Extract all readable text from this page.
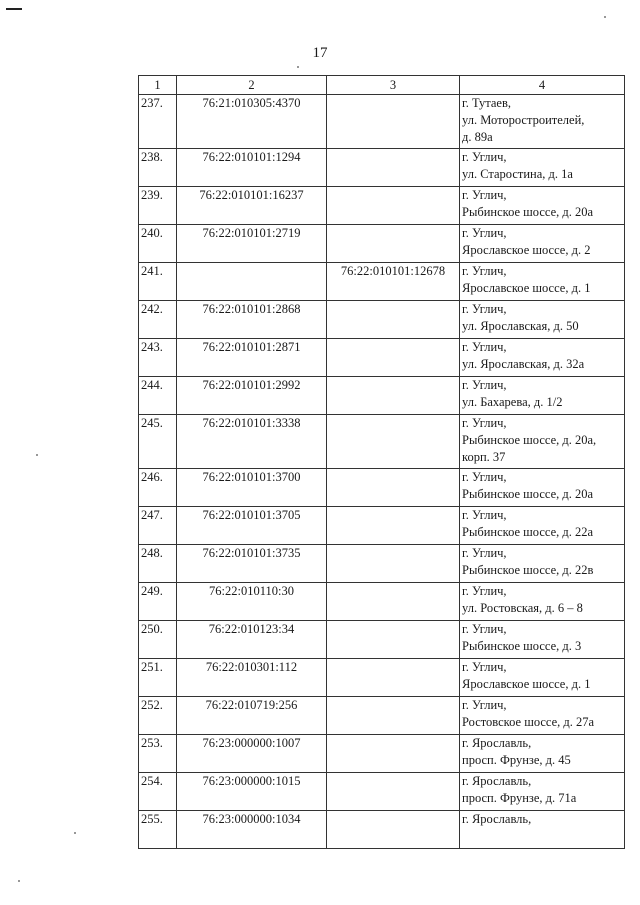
17
1	2	3	4
237.	76:21:010305:4370		г. Тутаев,
ул. Моторостроителей,
д. 89а

238.	76:22:010101:1294		г. Углич,
ул. Старостина, д. 1а

239.	76:22:010101:16237		г. Углич,
Рыбинское шоссе, д. 20а

240.	76:22:010101:2719		г. Углич,
Ярославское шоссе, д. 2

241.		76:22:010101:12678	г. Углич,
Ярославское шоссе, д. 1

242.	76:22:010101:2868		г. Углич,
ул. Ярославская, д. 50

243.	76:22:010101:2871		г. Углич,
ул. Ярославская, д. 32а

244.	76:22:010101:2992		г. Углич,
ул. Бахарева, д. 1/2

245.	76:22:010101:3338		г. Углич,
Рыбинское шоссе, д. 20а,
корп. 37

246.	76:22:010101:3700		г. Углич,
Рыбинское шоссе, д. 20а

247.	76:22:010101:3705		г. Углич,
Рыбинское шоссе, д. 22а

248.	76:22:010101:3735		г. Углич,
Рыбинское шоссе, д. 22в

249.	76:22:010110:30		г. Углич,
ул. Ростовская, д. 6 – 8

250.	76:22:010123:34		г. Углич,
Рыбинское шоссе, д. 3

251.	76:22:010301:112		г. Углич,
Ярославское шоссе, д. 1

252.	76:22:010719:256		г. Углич,
Ростовское шоссе, д. 27а

253.	76:23:000000:1007		г. Ярославль,
просп. Фрунзе, д. 45

254.	76:23:000000:1015		г. Ярославль,
просп. Фрунзе, д. 71а

255.	76:23:000000:1034		г. Ярославль,
